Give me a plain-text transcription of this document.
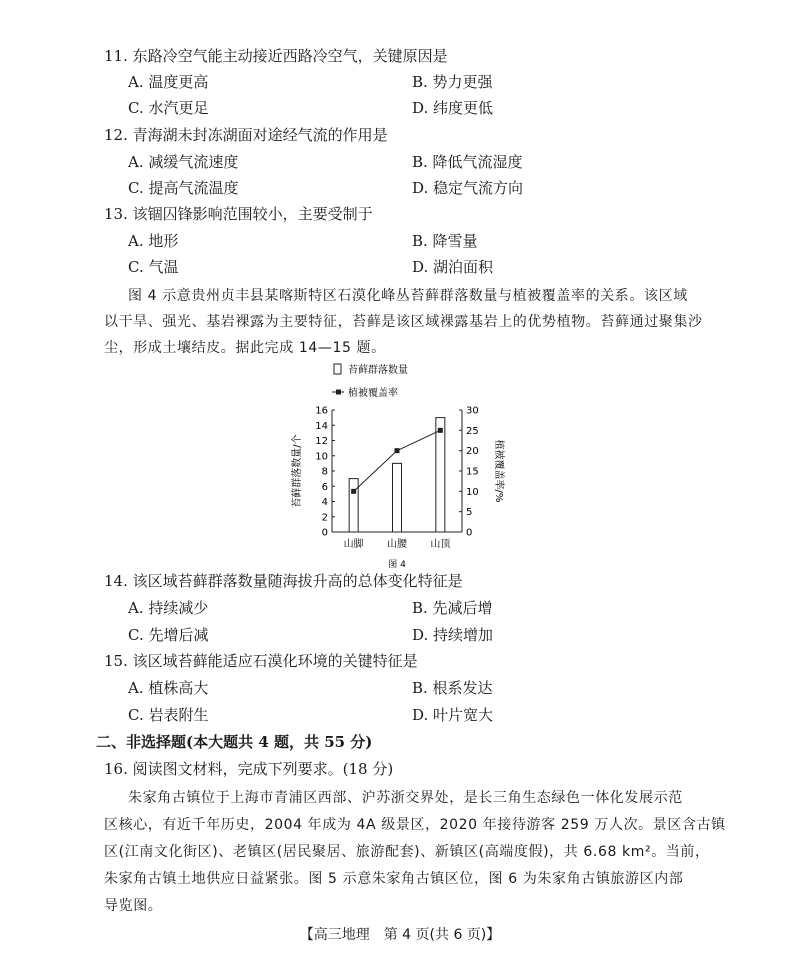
11. 东路冷空气能主动接近西路冷空气，关键原因是
A. 温度更高	B. 势力更强
C. 水汽更足	D. 纬度更低
12. 青海湖未封冻湖面对途经气流的作用是
A. 减缓气流速度	B. 降低气流湿度
C. 提高气流温度	D. 稳定气流方向
13. 该锢囚锋影响范围较小，主要受制于
A. 地形	B. 降雪量
C. 气温	D. 湖泊面积
图 4 示意贵州贞丰县某喀斯特区石漠化峰丛苔藓群落数量与植被覆盖率的关系。该区域
以干旱、强光、基岩裸露为主要特征，苔藓是该区域裸露基岩上的优势植物。苔藓通过聚集沙
尘，形成土壤结皮。据此完成 14—15 题。
苔藓群落数量
植被覆盖率
0
2
4
6
8
10
12
14
16
0
5
10
15
20
25
30
山脚 山腰 山顶
苔藓群落数量/个	植被覆盖率/%
图 4
14. 该区域苔藓群落数量随海拔升高的总体变化特征是
A. 持续减少	B. 先减后增
C. 先增后减	D. 持续增加
15. 该区域苔藓能适应石漠化环境的关键特征是
A. 植株高大	B. 根系发达
C. 岩表附生	D. 叶片宽大
二、非选择题(本大题共 4 题，共 55 分)
16. 阅读图文材料，完成下列要求。(18 分)
朱家角古镇位于上海市青浦区西部、沪苏浙交界处，是长三角生态绿色一体化发展示范
区核心，有近千年历史，2004 年成为 4A 级景区，2020 年接待游客 259 万人次。景区含古镇
区(江南文化街区)、老镇区(居民聚居、旅游配套)、新镇区(高端度假)，共 6.68 km²。当前，
朱家角古镇土地供应日益紧张。图 5 示意朱家角古镇区位，图 6 为朱家角古镇旅游区内部
导览图。
【高三地理　第 4 页(共 6 页)】
